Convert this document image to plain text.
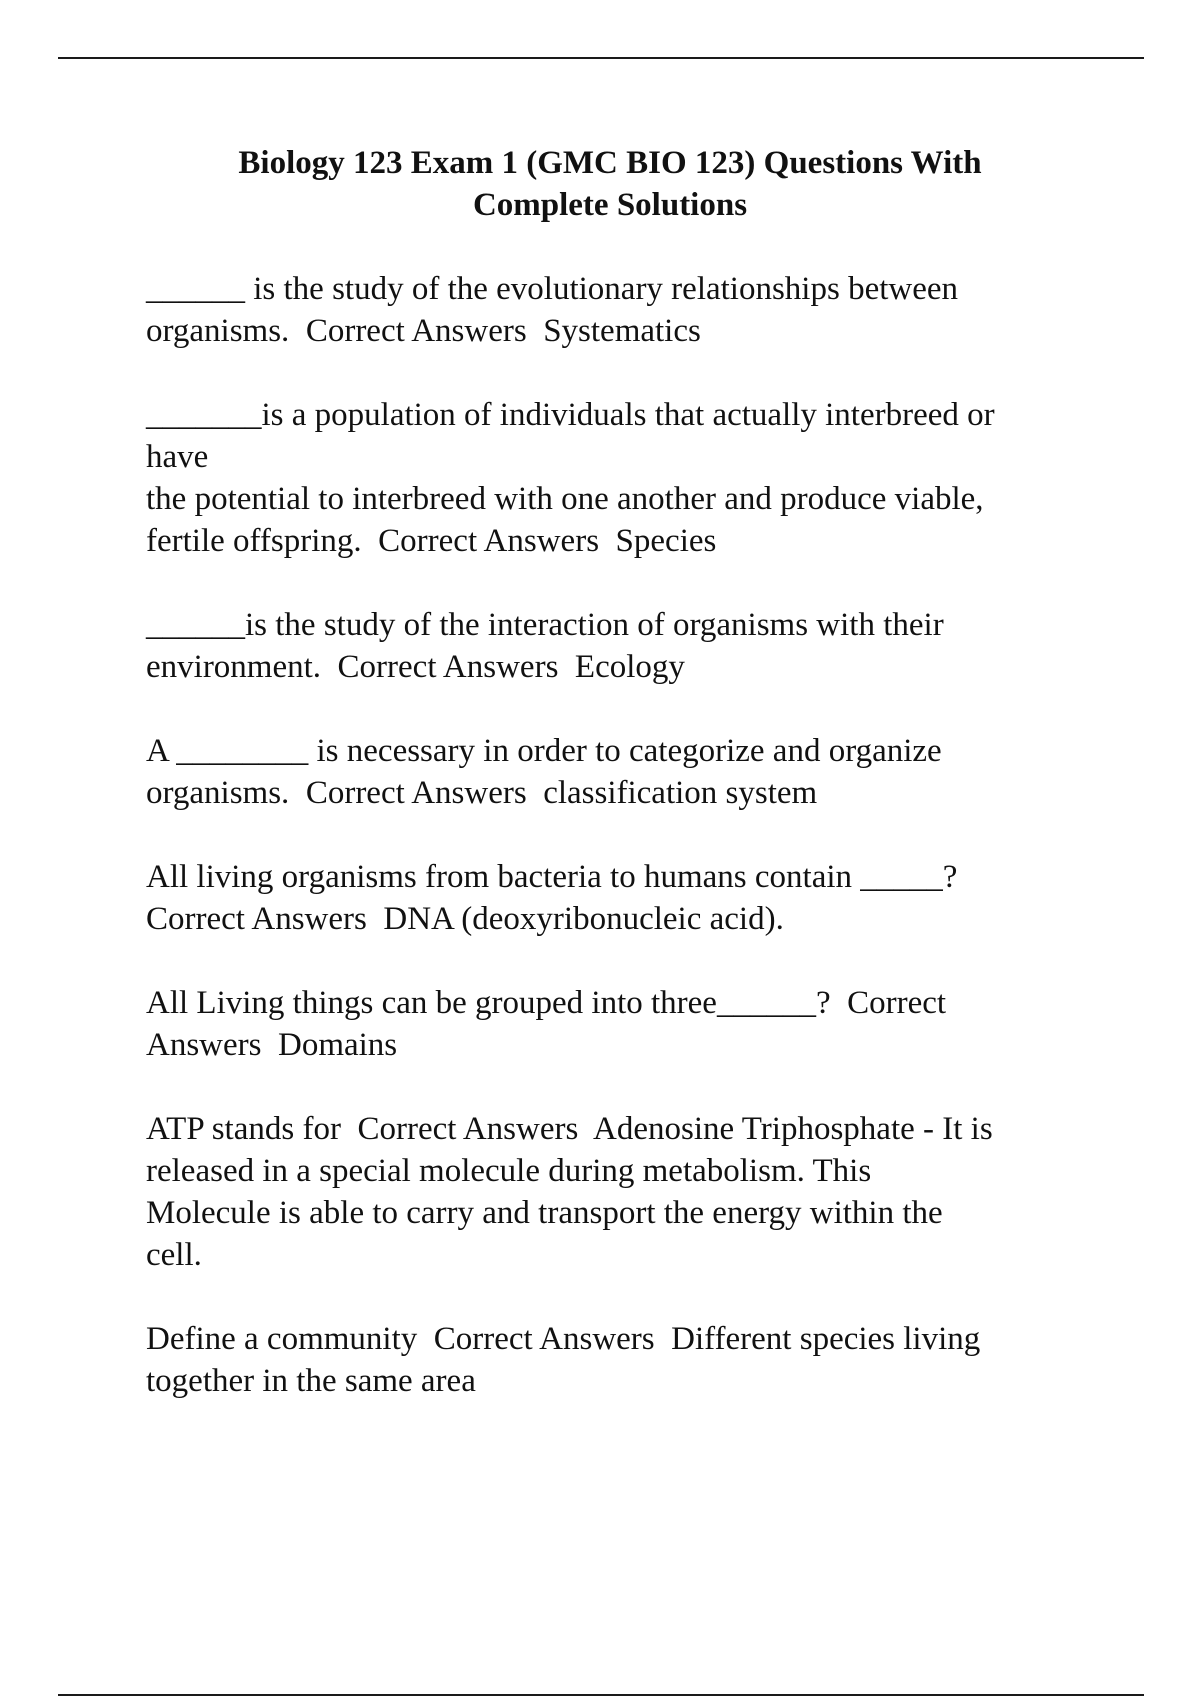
Biology 123 Exam 1 (GMC BIO 123) Questions With
Complete Solutions

______ is the study of the evolutionary relationships between
organisms. Correct Answers Systematics

_______is a population of individuals that actually interbreed or
have
the potential to interbreed with one another and produce viable,
fertile offspring. Correct Answers Species

______is the study of the interaction of organisms with their
environment. Correct Answers Ecology

A ________ is necessary in order to categorize and organize
organisms. Correct Answers classification system

All living organisms from bacteria to humans contain _____?
Correct Answers DNA (deoxyribonucleic acid).

All Living things can be grouped into three______? Correct
Answers Domains

ATP stands for Correct Answers Adenosine Triphosphate - It is
released in a special molecule during metabolism. This
Molecule is able to carry and transport the energy within the
cell.

Define a community Correct Answers Different species living
together in the same area
